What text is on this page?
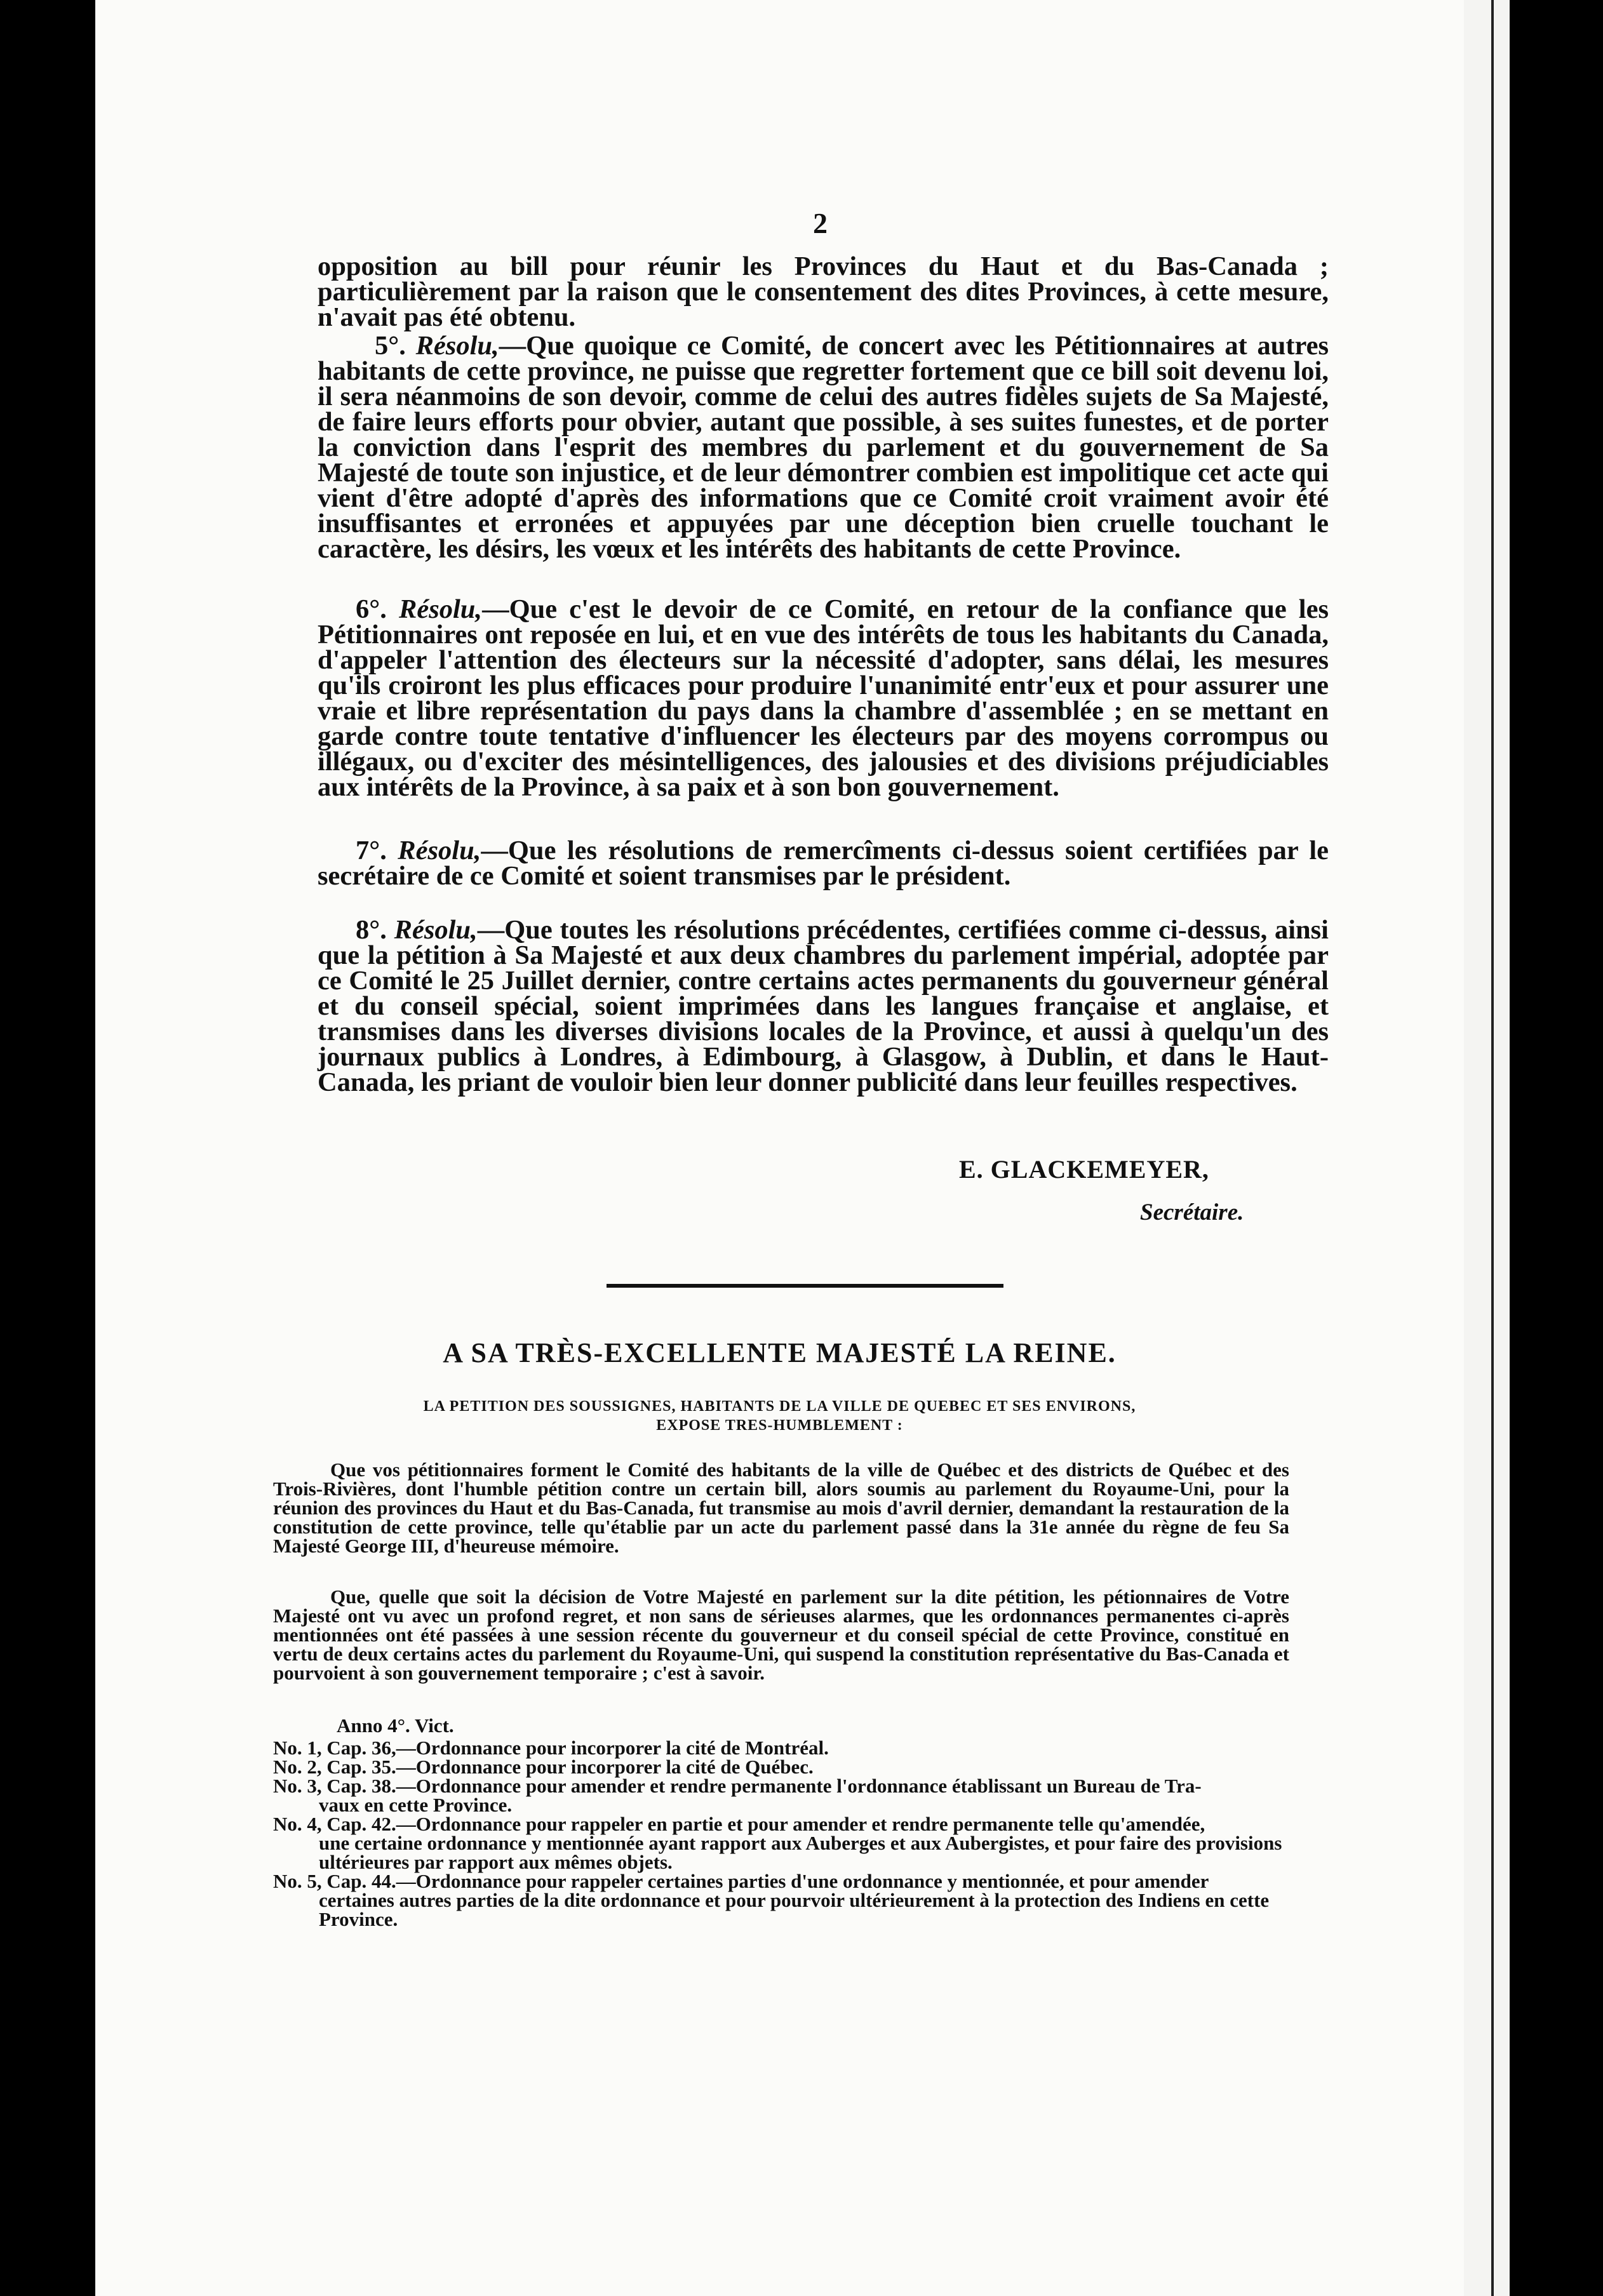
2

opposition au bill pour réunir les Provinces du Haut et du Bas-Canada ; particulièrement par la raison que le consentement des dites Provinces, à cette mesure, n'avait pas été obtenu.

5°. Résolu,—Que quoique ce Comité, de concert avec les Pétitionnaires at autres habitants de cette province, ne puisse que regretter fortement que ce bill soit devenu loi, il sera néanmoins de son devoir, comme de celui des autres fidèles sujets de Sa Majesté, de faire leurs efforts pour obvier, autant que possible, à ses suites funestes, et de porter la conviction dans l'esprit des membres du parlement et du gouvernement de Sa Majesté de toute son injustice, et de leur démontrer combien est impolitique cet acte qui vient d'être adopté d'après des informations que ce Comité croit vraiment avoir été insuffisantes et erronées et appuyées par une déception bien cruelle touchant le caractère, les désirs, les vœux et les intérêts des habitants de cette Province.

6°. Résolu,—Que c'est le devoir de ce Comité, en retour de la confiance que les Pétitionnaires ont reposée en lui, et en vue des intérêts de tous les habitants du Canada, d'appeler l'attention des électeurs sur la nécessité d'adopter, sans délai, les mesures qu'ils croiront les plus efficaces pour produire l'unanimité entr'eux et pour assurer une vraie et libre représentation du pays dans la chambre d'assemblée ; en se mettant en garde contre toute tentative d'influencer les électeurs par des moyens corrompus ou illégaux, ou d'exciter des mésintelligences, des jalousies et des divisions préjudiciables aux intérêts de la Province, à sa paix et à son bon gouvernement.

7°. Résolu,—Que les résolutions de remercîments ci-dessus soient certifiées par le secrétaire de ce Comité et soient transmises par le président.

8°. Résolu,—Que toutes les résolutions précédentes, certifiées comme ci-dessus, ainsi que la pétition à Sa Majesté et aux deux chambres du parlement impérial, adoptée par ce Comité le 25 Juillet dernier, contre certains actes permanents du gouverneur général et du conseil spécial, soient imprimées dans les langues française et anglaise, et transmises dans les diverses divisions locales de la Province, et aussi à quelqu'un des journaux publics à Londres, à Edimbourg, à Glasgow, à Dublin, et dans le Haut-Canada, les priant de vouloir bien leur donner publicité dans leur feuilles respectives.

E. GLACKEMEYER,
Secrétaire.
A SA TRÈS-EXCELLENTE MAJESTÉ LA REINE.
LA PETITION DES SOUSSIGNES, HABITANTS DE LA VILLE DE QUEBEC ET SES ENVIRONS,
EXPOSE TRES-HUMBLEMENT :

Que vos pétitionnaires forment le Comité des habitants de la ville de Québec et des districts de Québec et des Trois-Rivières, dont l'humble pétition contre un certain bill, alors soumis au parlement du Royaume-Uni, pour la réunion des provinces du Haut et du Bas-Canada, fut transmise au mois d'avril dernier, demandant la restauration de la constitution de cette province, telle qu'établie par un acte du parlement passé dans la 31e année du règne de feu Sa Majesté George III, d'heureuse mémoire.

Que, quelle que soit la décision de Votre Majesté en parlement sur la dite pétition, les pétionnaires de Votre Majesté ont vu avec un profond regret, et non sans de sérieuses alarmes, que les ordonnances permanentes ci-après mentionnées ont été passées à une session récente du gouverneur et du conseil spécial de cette Province, constitué en vertu de deux certains actes du parlement du Royaume-Uni, qui suspend la constitution représentative du Bas-Canada et pourvoient à son gouvernement temporaire ; c'est à savoir.

Anno 4°. Vict.

No. 1, Cap. 36,—Ordonnance pour incorporer la cité de Montréal.

No. 2, Cap. 35.—Ordonnance pour incorporer la cité de Québec.

No. 3, Cap. 38.—Ordonnance pour amender et rendre permanente l'ordonnance établissant un Bureau de Tra-
vaux en cette Province.

No. 4, Cap. 42.—Ordonnance pour rappeler en partie et pour amender et rendre permanente telle qu'amendée,
une certaine ordonnance y mentionnée ayant rapport aux Auberges et aux Aubergistes, et pour faire des provisions ultérieures par rapport aux mêmes objets.

No. 5, Cap. 44.—Ordonnance pour rappeler certaines parties d'une ordonnance y mentionnée, et pour amender
certaines autres parties de la dite ordonnance et pour pourvoir ultérieurement à la protection des Indiens en cette Province.
